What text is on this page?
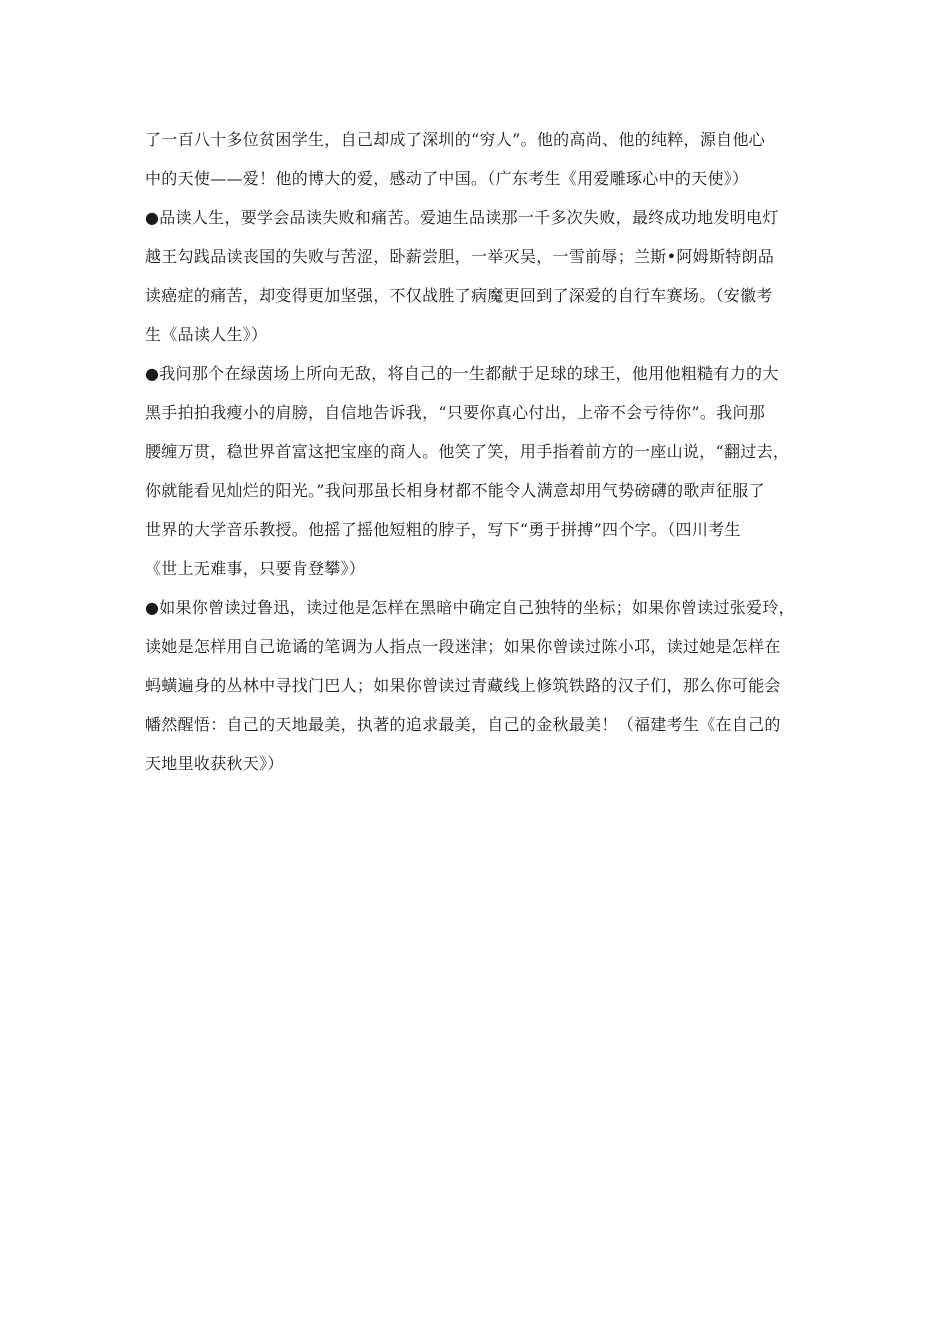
了一百八十多位贫困学生，自己却成了深圳的“穷人”。他的高尚、他的纯粹，源自他心
中的天使——爱！他的博大的爱，感动了中国。（广东考生《用爱雕琢心中的天使》）
●品读人生，要学会品读失败和痛苦。爱迪生品读那一千多次失败，最终成功地发明电灯
越王勾践品读丧国的失败与苦涩，卧薪尝胆，一举灭吴，一雪前辱；兰斯•阿姆斯特朗品
读癌症的痛苦，却变得更加坚强，不仅战胜了病魔更回到了深爱的自行车赛场。（安徽考
生《品读人生》）
●我问那个在绿茵场上所向无敌，将自己的一生都献于足球的球王，他用他粗糙有力的大
黑手拍拍我瘦小的肩膀，自信地告诉我，“只要你真心付出，上帝不会亏待你”。我问那
腰缠万贯，稳世界首富这把宝座的商人。他笑了笑，用手指着前方的一座山说，“翻过去，
你就能看见灿烂的阳光。”我问那虽长相身材都不能令人满意却用气势磅礴的歌声征服了
世界的大学音乐教授。他摇了摇他短粗的脖子，写下“勇于拼搏”四个字。（四川考生
《世上无难事，只要肯登攀》）
●如果你曾读过鲁迅，读过他是怎样在黑暗中确定自己独特的坐标；如果你曾读过张爱玲，
读她是怎样用自己诡谲的笔调为人指点一段迷津；如果你曾读过陈小邛，读过她是怎样在
蚂蟥遍身的丛林中寻找门巴人；如果你曾读过青藏线上修筑铁路的汉子们，那么你可能会
幡然醒悟：自己的天地最美，执著的追求最美，自己的金秋最美！（福建考生《在自己的
天地里收获秋天》）
